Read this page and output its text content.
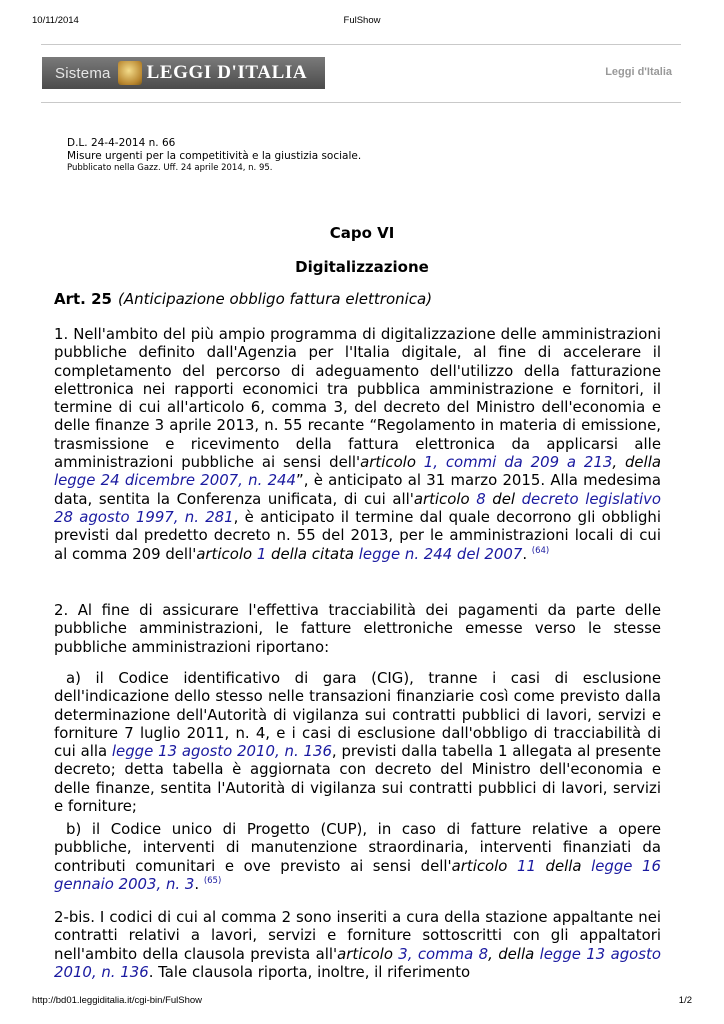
10/11/2014	FulShow
Sistema LEGGI D'ITALIA	Leggi d'Italia
D.L. 24-4-2014 n. 66
Misure urgenti per la competitività e la giustizia sociale.
Pubblicato nella Gazz. Uff. 24 aprile 2014, n. 95.
Capo VI
Digitalizzazione
Art. 25 (Anticipazione obbligo fattura elettronica)
1. Nell'ambito del più ampio programma di digitalizzazione delle amministrazioni pubbliche definito dall'Agenzia per l'Italia digitale, al fine di accelerare il completamento del percorso di adeguamento dell'utilizzo della fatturazione elettronica nei rapporti economici tra pubblica amministrazione e fornitori, il termine di cui all'articolo 6, comma 3, del decreto del Ministro dell'economia e delle finanze 3 aprile 2013, n. 55 recante “Regolamento in materia di emissione, trasmissione e ricevimento della fattura elettronica da applicarsi alle amministrazioni pubbliche ai sensi dell'articolo 1, commi da 209 a 213, della legge 24 dicembre 2007, n. 244”, è anticipato al 31 marzo 2015. Alla medesima data, sentita la Conferenza unificata, di cui all'articolo 8 del decreto legislativo 28 agosto 1997, n. 281, è anticipato il termine dal quale decorrono gli obblighi previsti dal predetto decreto n. 55 del 2013, per le amministrazioni locali di cui al comma 209 dell'articolo 1 della citata legge n. 244 del 2007. $^{(64)}$
2. Al fine di assicurare l'effettiva tracciabilità dei pagamenti da parte delle pubbliche amministrazioni, le fatture elettroniche emesse verso le stesse pubbliche amministrazioni riportano:
a) il Codice identificativo di gara (CIG), tranne i casi di esclusione dell'indicazione dello stesso nelle transazioni finanziarie così come previsto dalla determinazione dell'Autorità di vigilanza sui contratti pubblici di lavori, servizi e forniture 7 luglio 2011, n. 4, e i casi di esclusione dall'obbligo di tracciabilità di cui alla legge 13 agosto 2010, n. 136, previsti dalla tabella 1 allegata al presente decreto; detta tabella è aggiornata con decreto del Ministro dell'economia e delle finanze, sentita l'Autorità di vigilanza sui contratti pubblici di lavori, servizi e forniture;
b) il Codice unico di Progetto (CUP), in caso di fatture relative a opere pubbliche, interventi di manutenzione straordinaria, interventi finanziati da contributi comunitari e ove previsto ai sensi dell'articolo 11 della legge 16 gennaio 2003, n. 3. $^{(65)}$
2-bis. I codici di cui al comma 2 sono inseriti a cura della stazione appaltante nei contratti relativi a lavori, servizi e forniture sottoscritti con gli appaltatori nell'ambito della clausola prevista all'articolo 3, comma 8, della legge 13 agosto 2010, n. 136. Tale clausola riporta, inoltre, il riferimento
http://bd01.leggiditalia.it/cgi-bin/FulShow	1/2
